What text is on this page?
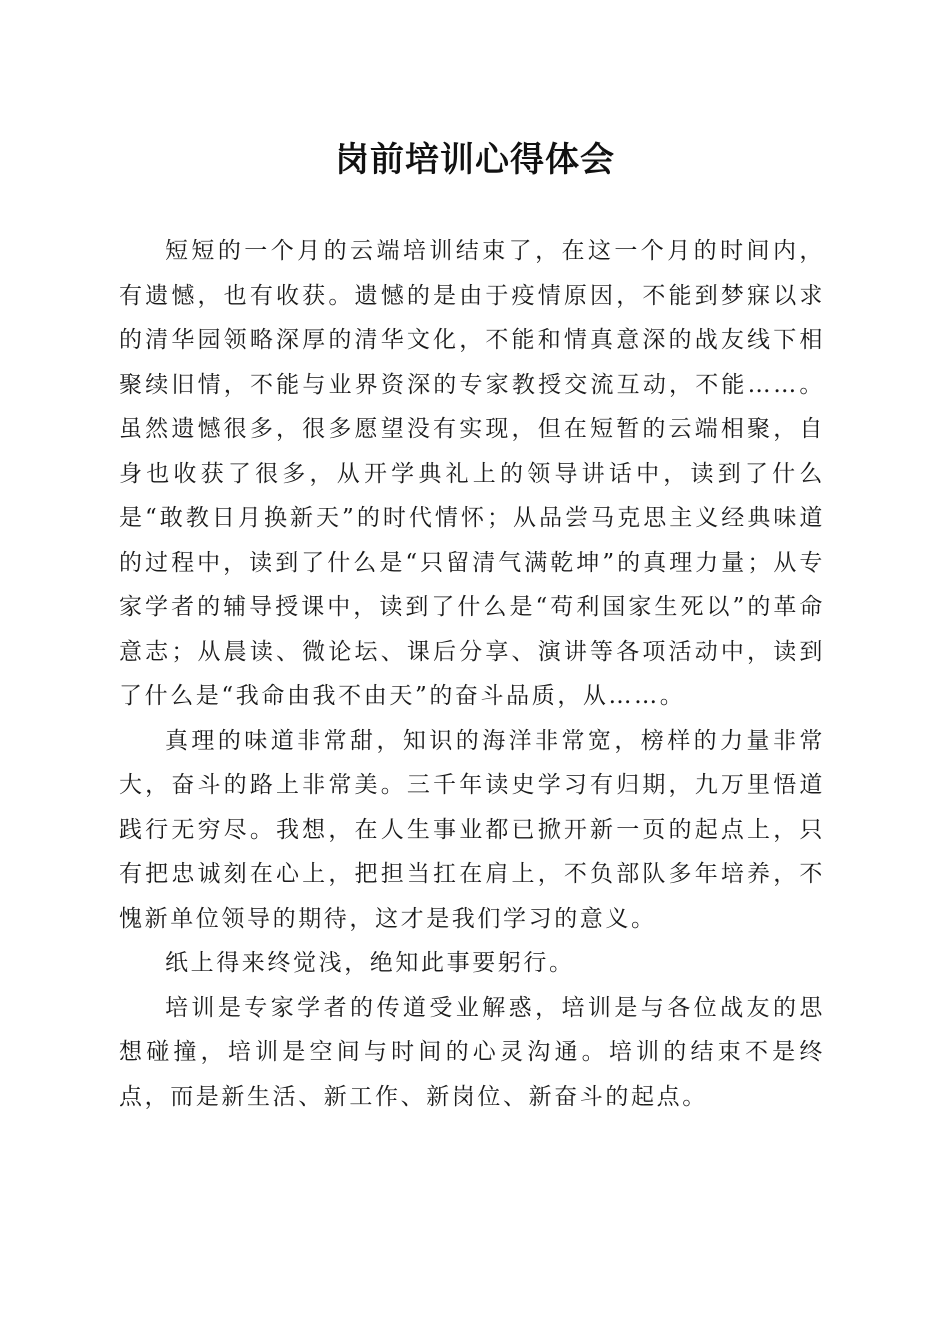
岗前培训心得体会

短短的一个月的云端培训结束了，在这一个月的时间内，有遗憾，也有收获。遗憾的是由于疫情原因，不能到梦寐以求的清华园领略深厚的清华文化，不能和情真意深的战友线下相聚续旧情，不能与业界资深的专家教授交流互动，不能……。虽然遗憾很多，很多愿望没有实现，但在短暂的云端相聚，自身也收获了很多，从开学典礼上的领导讲话中，读到了什么是“敢教日月换新天”的时代情怀；从品尝马克思主义经典味道的过程中，读到了什么是“只留清气满乾坤”的真理力量；从专家学者的辅导授课中，读到了什么是“苟利国家生死以”的革命意志；从晨读、微论坛、课后分享、演讲等各项活动中，读到了什么是“我命由我不由天”的奋斗品质，从……。

真理的味道非常甜，知识的海洋非常宽，榜样的力量非常大，奋斗的路上非常美。三千年读史学习有归期，九万里悟道践行无穷尽。我想，在人生事业都已掀开新一页的起点上，只有把忠诚刻在心上，把担当扛在肩上，不负部队多年培养，不愧新单位领导的期待，这才是我们学习的意义。

纸上得来终觉浅，绝知此事要躬行。

培训是专家学者的传道受业解惑，培训是与各位战友的思想碰撞，培训是空间与时间的心灵沟通。培训的结束不是终点，而是新生活、新工作、新岗位、新奋斗的起点。
